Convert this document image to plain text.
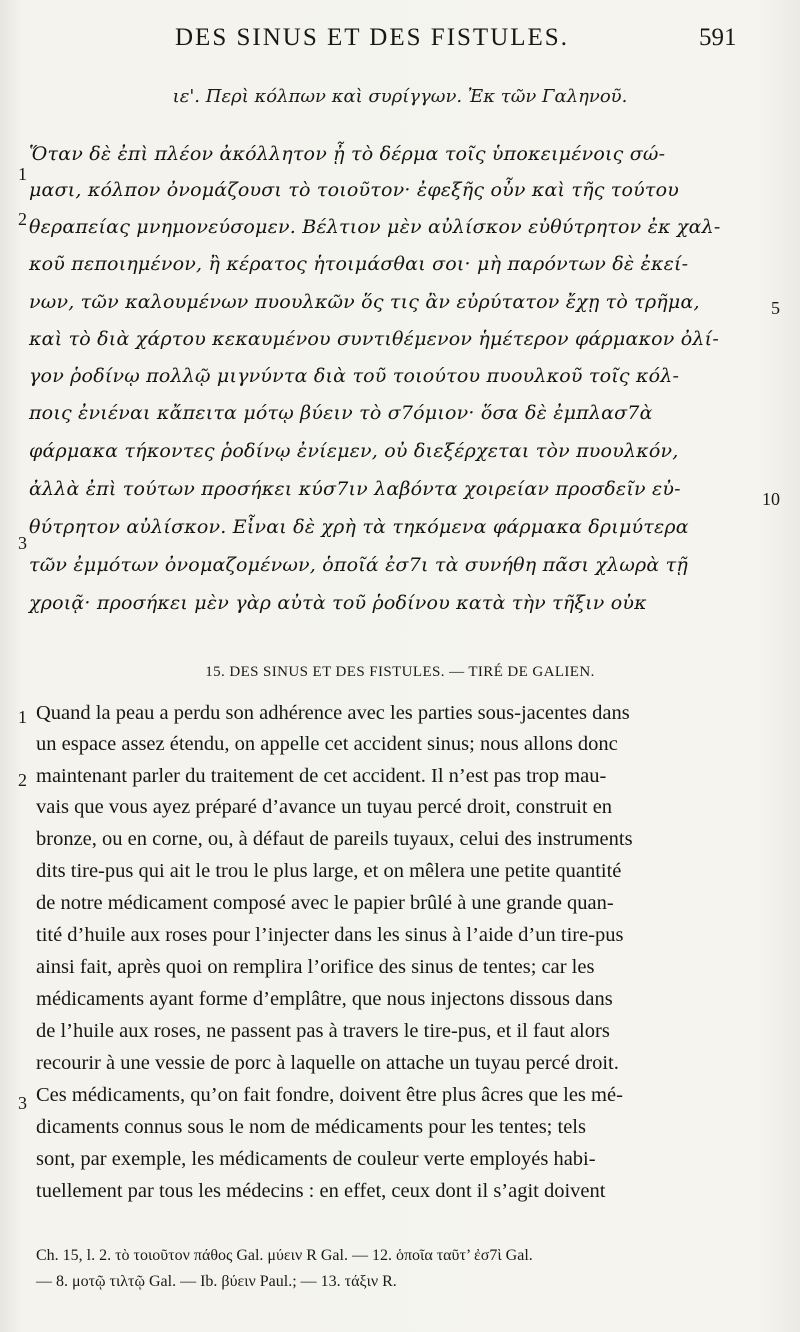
DES SINUS ET DES FISTULES.	591
ιε'. Περὶ κόλπων καὶ συρίγγων. Ἐκ τῶν Γαληνοῦ.
1
2
3
5
10
Ὅταν δὲ ἐπὶ πλέον ἀκόλλητον ᾖ τὸ δέρμα τοῖς ὑποκειμένοις σώ-
μασι, κόλπον ὀνομάζουσι τὸ τοιοῦτον· ἐφεξῆς οὖν καὶ τῆς τούτου
θεραπείας μνημονεύσομεν. Βέλτιον μὲν αὐλίσκον εὐθύτρητον ἐκ χαλ-
κοῦ πεποιημένον, ἢ κέρατος ἡτοιμάσθαι σοι· μὴ παρόντων δὲ ἐκεί-
νων, τῶν καλουμένων πυουλκῶν ὅς τις ἂν εὐρύτατον ἔχῃ τὸ τρῆμα,
καὶ τὸ διὰ χάρτου κεκαυμένου συντιθέμενον ἡμέτερον φάρμακον ὀλί-
γον ῥοδίνῳ πολλῷ μιγνύντα διὰ τοῦ τοιούτου πυουλκοῦ τοῖς κόλ-
ποις ἐνιέναι κἄπειτα μότῳ βύειν τὸ σ7όμιον· ὅσα δὲ ἐμπλασ7ὰ
φάρμακα τήκοντες ῥοδίνῳ ἐνίεμεν, οὐ διεξέρχεται τὸν πυουλκόν,
ἀλλὰ ἐπὶ τούτων προσήκει κύσ7ιν λαβόντα χοιρείαν προσδεῖν εὐ-
θύτρητον αὐλίσκον. Εἶναι δὲ χρὴ τὰ τηκόμενα φάρμακα δριμύτερα
τῶν ἐμμότων ὀνομαζομένων, ὁποῖά ἐσ7ι τὰ συνήθη πᾶσι χλωρὰ τῇ
χροιᾷ· προσήκει μὲν γὰρ αὐτὰ τοῦ ῥοδίνου κατὰ τὴν τῆξιν οὐκ
15. DES SINUS ET DES FISTULES. — TIRÉ DE GALIEN.
1
2
3
Quand la peau a perdu son adhérence avec les parties sous-jacentes dans
un espace assez étendu, on appelle cet accident sinus; nous allons donc
maintenant parler du traitement de cet accident. Il n’est pas trop mau-
vais que vous ayez préparé d’avance un tuyau percé droit, construit en
bronze, ou en corne, ou, à défaut de pareils tuyaux, celui des instruments
dits tire-pus qui ait le trou le plus large, et on mêlera une petite quantité
de notre médicament composé avec le papier brûlé à une grande quan-
tité d’huile aux roses pour l’injecter dans les sinus à l’aide d’un tire-pus
ainsi fait, après quoi on remplira l’orifice des sinus de tentes; car les
médicaments ayant forme d’emplâtre, que nous injectons dissous dans
de l’huile aux roses, ne passent pas à travers le tire-pus, et il faut alors
recourir à une vessie de porc à laquelle on attache un tuyau percé droit.
Ces médicaments, qu’on fait fondre, doivent être plus âcres que les mé-
dicaments connus sous le nom de médicaments pour les tentes; tels
sont, par exemple, les médicaments de couleur verte employés habi-
tuellement par tous les médecins : en effet, ceux dont il s’agit doivent
Ch. 15, l. 2. τὸ τοιοῦτον πάθος Gal. μύειν R Gal. — 12. ὁποῖα ταῦτ’ ἐσ7ὶ Gal.
— 8. μοτῷ τιλτῷ Gal. — Ib. βύειν Paul.; — 13. τάξιν R.
